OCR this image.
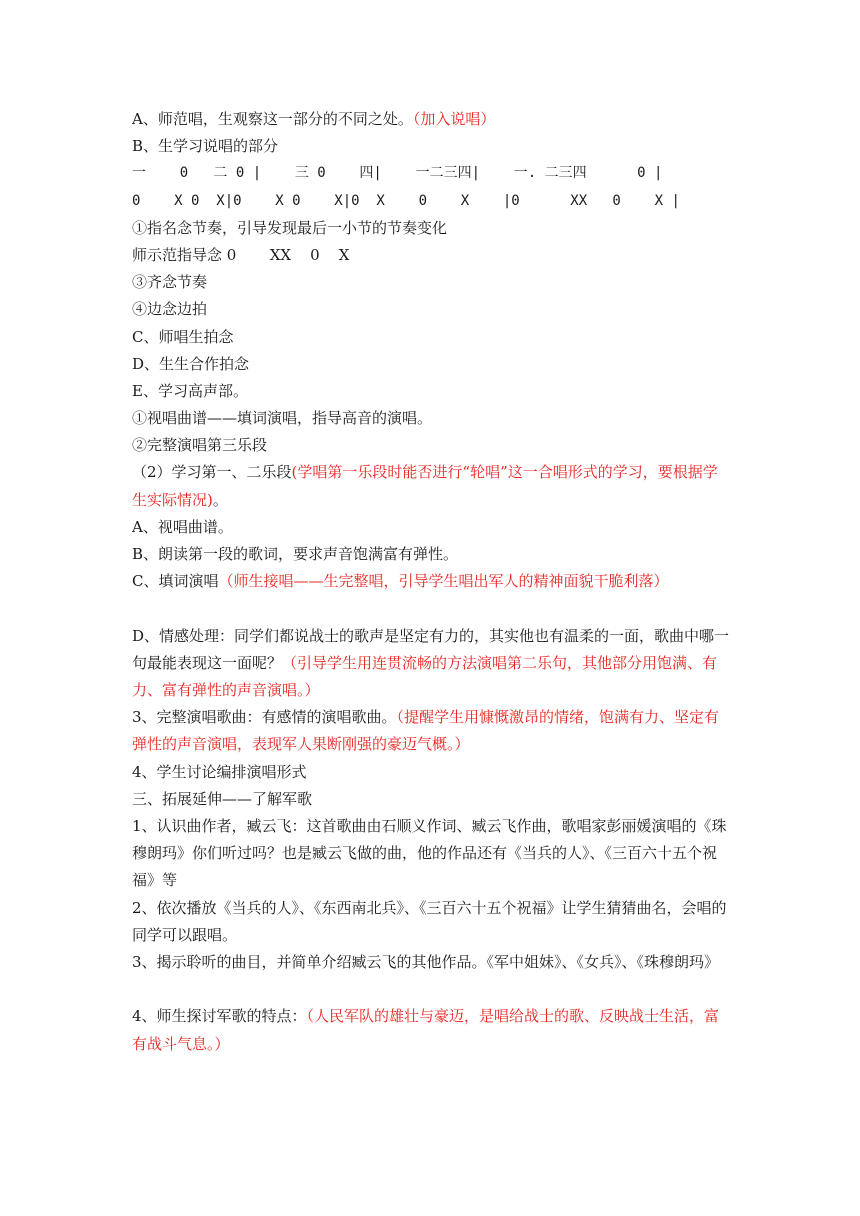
A、师范唱，生观察这一部分的不同之处。（加入说唱）
B、生学习说唱的部分
一    0   二 0 |    三 0    四|    一二三四|    一. 二三四      0 |
0    X 0  X|0    X 0    X|0  X    0    X    |0      XX   0    X |
①指名念节奏，引导发现最后一小节的节奏变化
师示范指导念 0       XX    0    X
③齐念节奏
④边念边拍
C、师唱生拍念
D、生生合作拍念
E、学习高声部。
①视唱曲谱——填词演唱，指导高音的演唱。
②完整演唱第三乐段
（2）学习第一、二乐段(学唱第一乐段时能否进行“轮唱”这一合唱形式的学习，要根据学生实际情况)。
A、视唱曲谱。
B、朗读第一段的歌词，要求声音饱满富有弹性。
C、填词演唱（师生接唱——生完整唱，引导学生唱出军人的精神面貌干脆利落）
D、情感处理：同学们都说战士的歌声是坚定有力的，其实他也有温柔的一面，歌曲中哪一句最能表现这一面呢？（引导学生用连贯流畅的方法演唱第二乐句，其他部分用饱满、有力、富有弹性的声音演唱。）
3、完整演唱歌曲：有感情的演唱歌曲。（提醒学生用慷慨激昂的情绪，饱满有力、坚定有弹性的声音演唱，表现军人果断刚强的豪迈气概。）
4、学生讨论编排演唱形式
三、拓展延伸——了解军歌
1、认识曲作者，臧云飞：这首歌曲由石顺义作词、臧云飞作曲，歌唱家彭丽媛演唱的《珠穆朗玛》你们听过吗？也是臧云飞做的曲，他的作品还有《当兵的人》、《三百六十五个祝福》等
2、依次播放《当兵的人》、《东西南北兵》、《三百六十五个祝福》让学生猜猜曲名，会唱的同学可以跟唱。
3、揭示聆听的曲目，并简单介绍臧云飞的其他作品。《军中姐妹》、《女兵》、《珠穆朗玛》
4、师生探讨军歌的特点：（人民军队的雄壮与豪迈，是唱给战士的歌、反映战士生活，富有战斗气息。）
